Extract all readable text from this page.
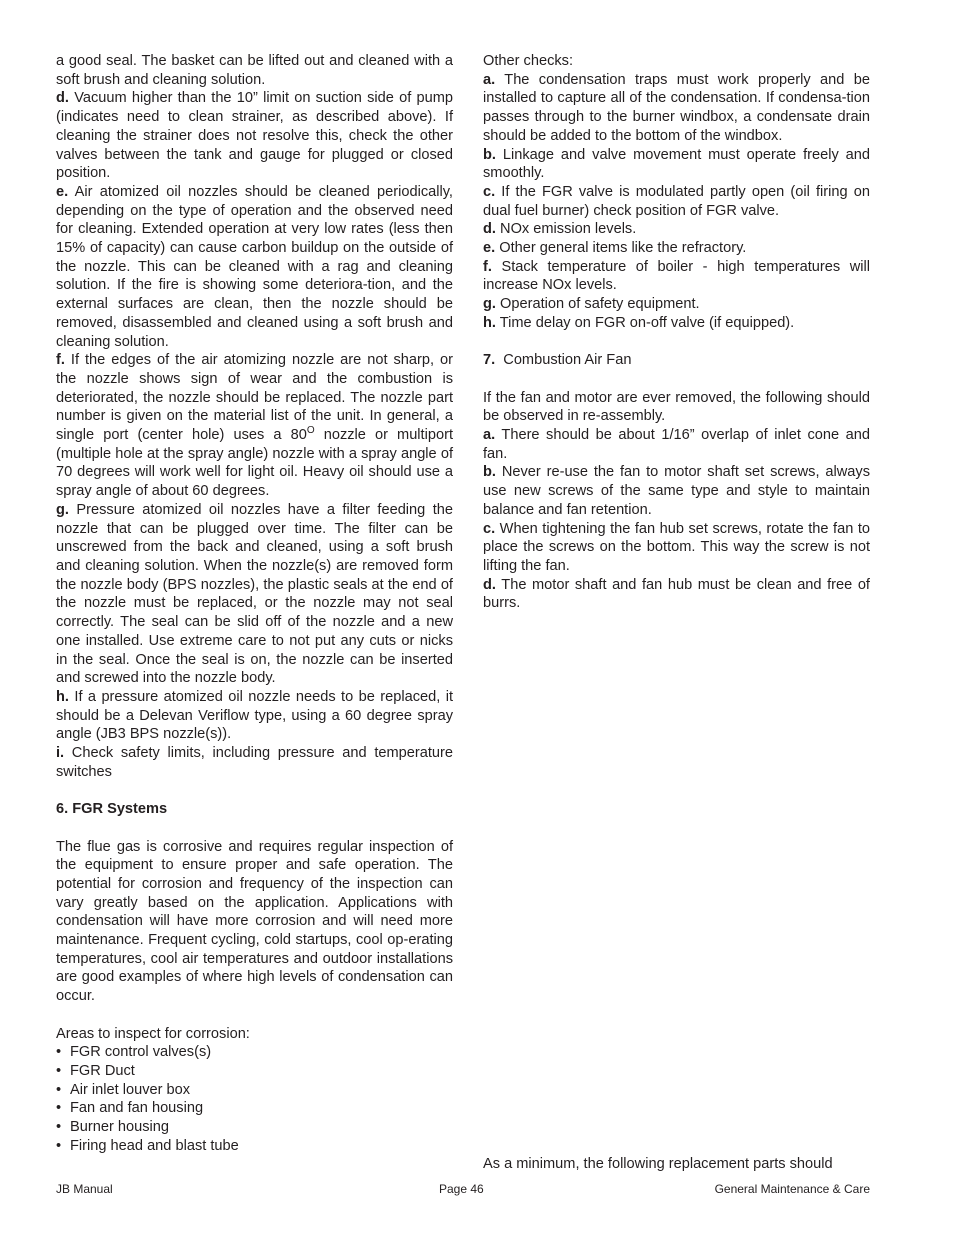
a good seal. The basket can be lifted out and cleaned with a soft brush and cleaning solution.

d. Vacuum higher than the 10” limit on suction side of pump (indicates need to clean strainer, as described above). If cleaning the strainer does not resolve this, check the other valves between the tank and gauge for plugged or closed position.

e. Air atomized oil nozzles should be cleaned periodically, depending on the type of operation and the observed need for cleaning. Extended operation at very low rates (less then 15% of capacity) can cause carbon buildup on the outside of the nozzle. This can be cleaned with a rag and cleaning solution. If the fire is showing some deteriora-tion, and the external surfaces are clean, then the nozzle should be removed, disassembled and cleaned using a soft brush and cleaning solution.

f. If the edges of the air atomizing nozzle are not sharp, or the nozzle shows sign of wear and the combustion is deteriorated, the nozzle should be replaced. The nozzle part number is given on the material list of the unit. In general, a single port (center hole) uses a $80^O$ nozzle or multiport (multiple hole at the spray angle) nozzle with a spray angle of 70 degrees will work well for light oil. Heavy oil should use a spray angle of about 60 degrees.

g. Pressure atomized oil nozzles have a filter feeding the nozzle that can be plugged over time. The filter can be unscrewed from the back and cleaned, using a soft brush and cleaning solution. When the nozzle(s) are removed form the nozzle body (BPS nozzles), the plastic seals at the end of the nozzle must be replaced, or the nozzle may not seal correctly. The seal can be slid off of the nozzle and a new one installed. Use extreme care to not put any cuts or nicks in the seal. Once the seal is on, the nozzle can be inserted and screwed into the nozzle body.

h. If a pressure atomized oil nozzle needs to be replaced, it should be a Delevan Veriflow type, using a 60 degree spray angle (JB3 BPS nozzle(s)).

i. Check safety limits, including pressure and temperature switches

6. FGR Systems

The flue gas is corrosive and requires regular inspection of the equipment to ensure proper and safe operation. The potential for corrosion and frequency of the inspection can vary greatly based on the application. Applications with condensation will have more corrosion and will need more maintenance. Frequent cycling, cold startups, cool op-erating temperatures, cool air temperatures and outdoor installations are good examples of where high levels of condensation can occur.

Areas to inspect for corrosion:

• FGR control valves(s)
• FGR Duct
• Air inlet louver box
• Fan and fan housing
• Burner housing
• Firing head and blast tube

Other checks:

a. The condensation traps must work properly and be installed to capture all of the condensation. If condensa-tion passes through to the burner windbox, a condensate drain should be added to the bottom of the windbox.

b. Linkage and valve movement must operate freely and smoothly.

c. If the FGR valve is modulated partly open (oil firing on dual fuel burner) check position of FGR valve.

d. NOx emission levels.

e. Other general items like the refractory.

f. Stack temperature of boiler - high temperatures will increase NOx levels.

g. Operation of safety equipment.

h. Time delay on FGR on-off valve (if equipped).

7.  Combustion Air Fan

If the fan and motor are ever removed, the following should be observed in re-assembly.

a. There should be about 1/16” overlap of inlet cone and fan.

b. Never re-use the fan to motor shaft set screws, always use new screws of the same type and style to maintain balance and fan retention.

c. When tightening the fan hub set screws, rotate the fan to place the screws on the bottom. This way the screw is not lifting the fan.

d. The motor shaft and fan hub must be clean and free of burrs.

As a minimum, the following replacement parts should
JB Manual	Page 46	General Maintenance & Care
